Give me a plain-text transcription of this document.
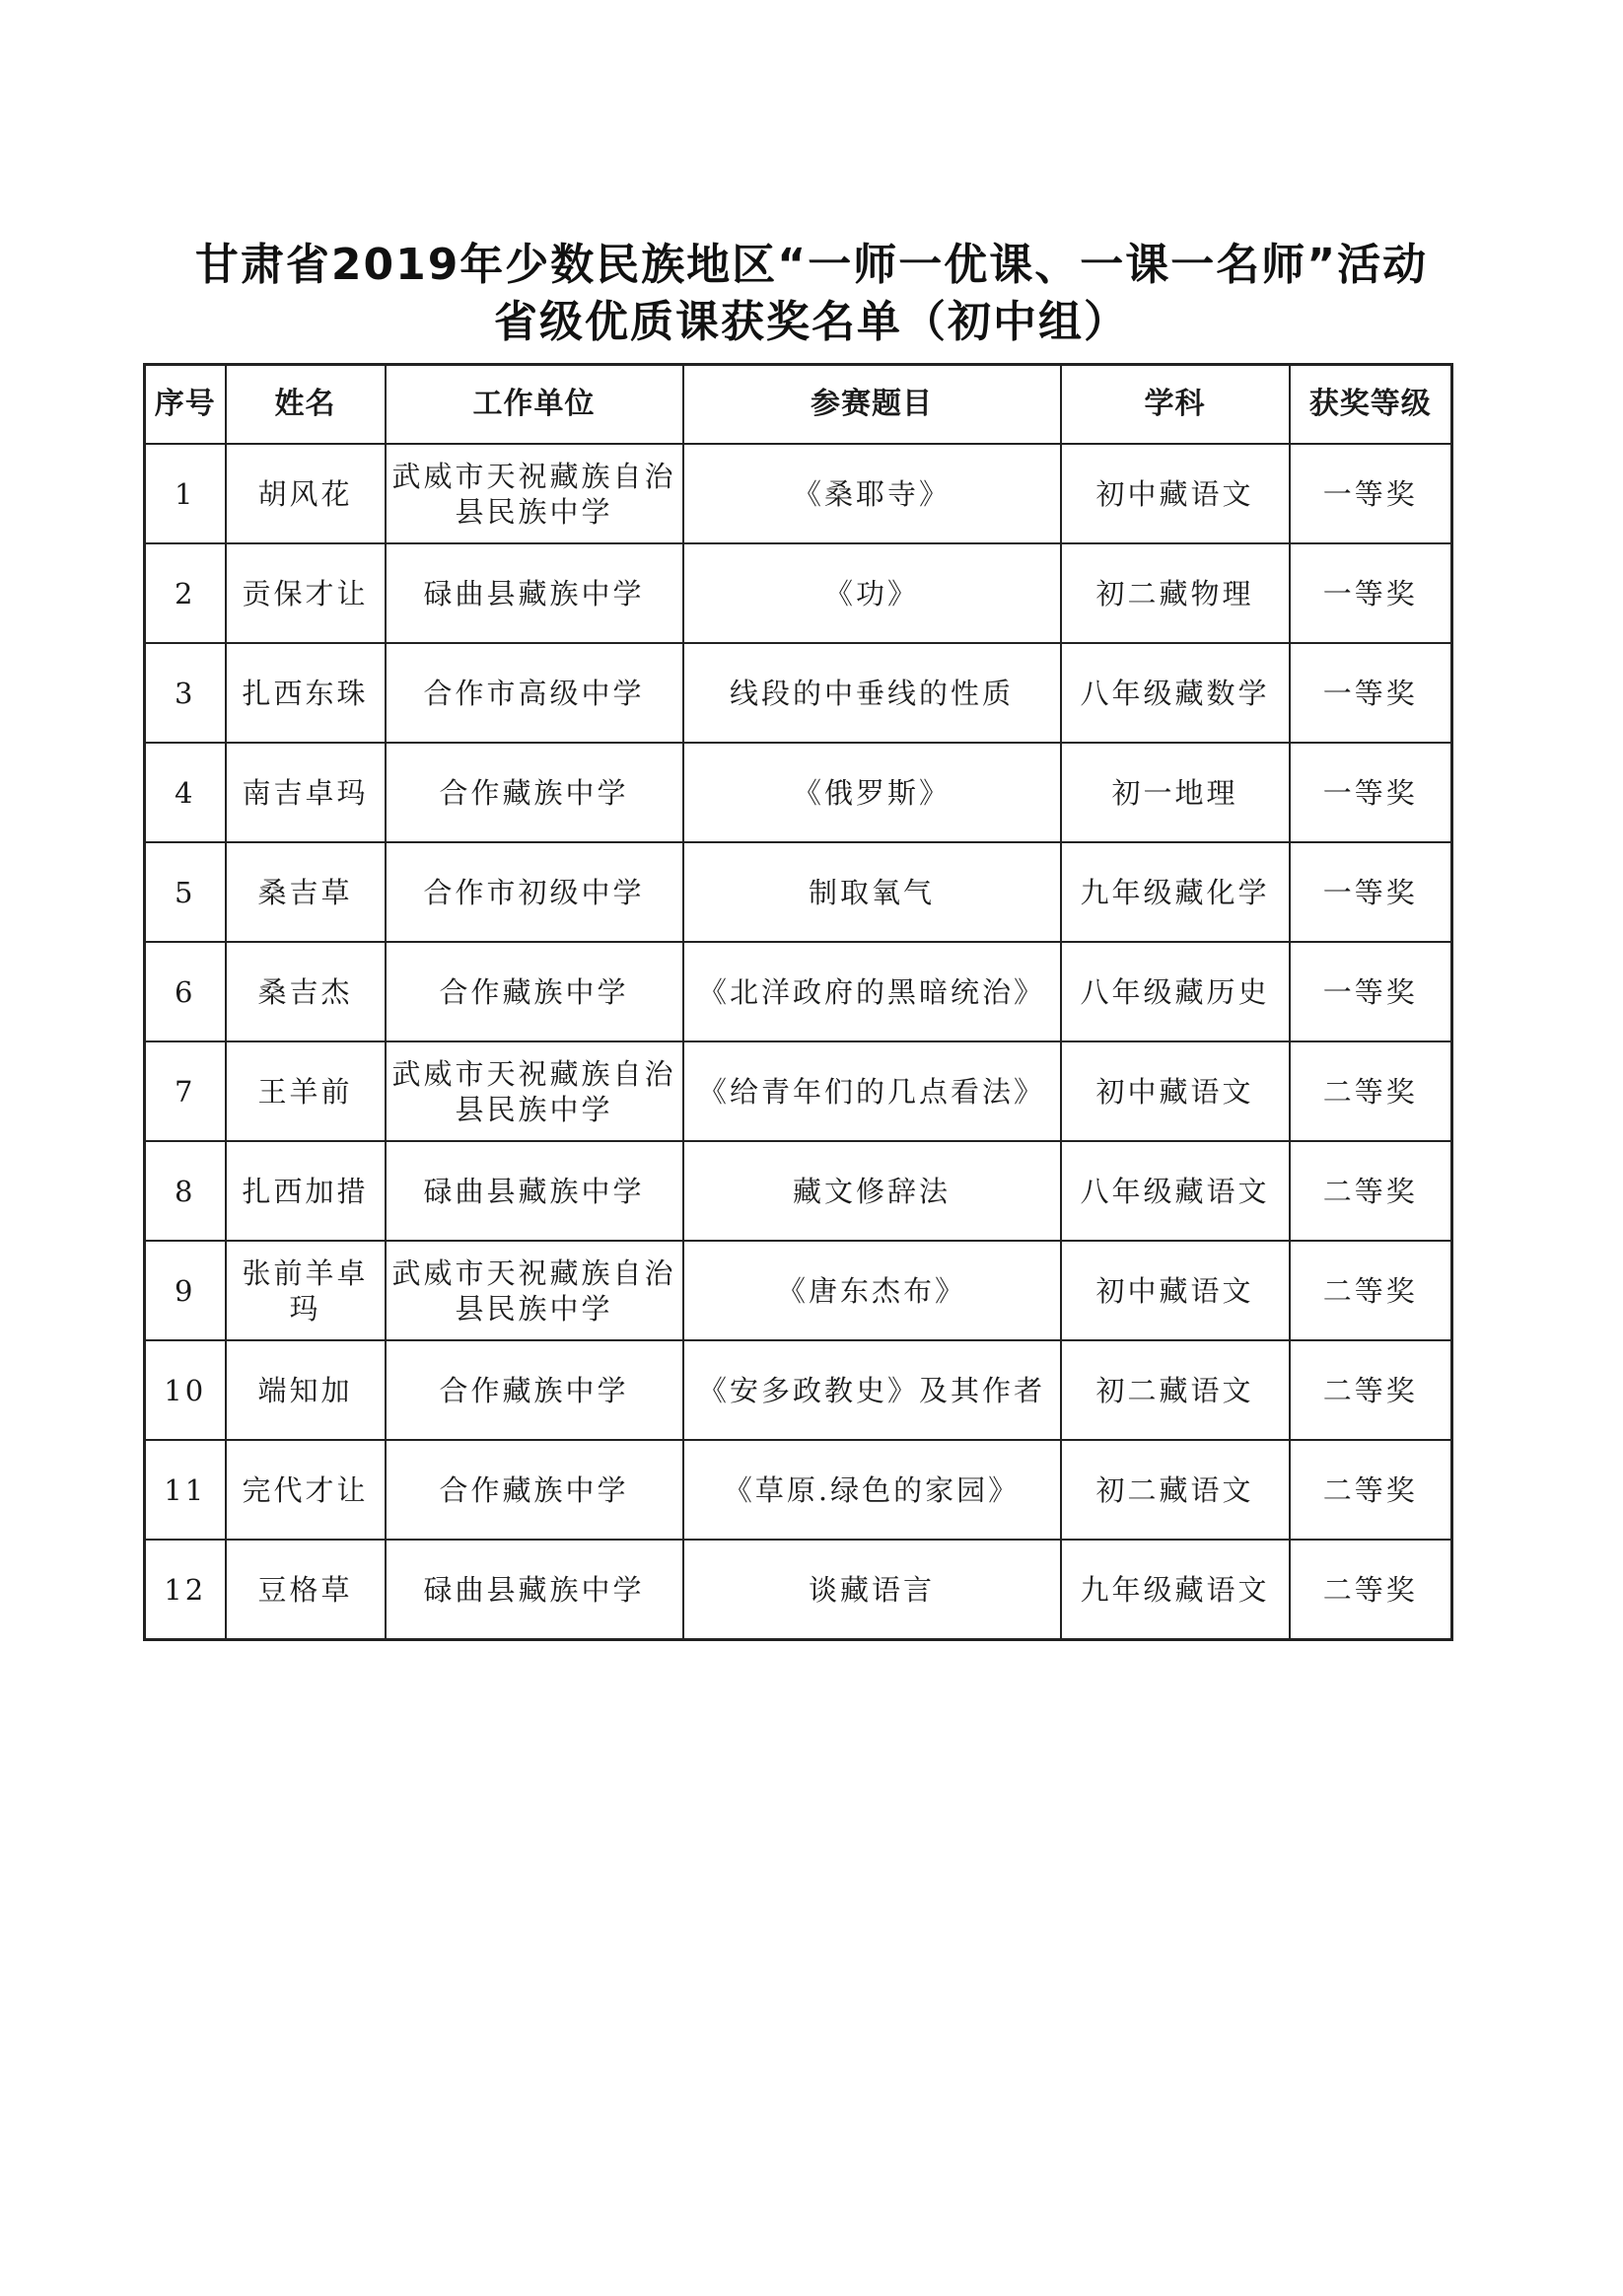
甘肃省2019年少数民族地区“一师一优课、一课一名师”活动
省级优质课获奖名单（初中组）
序号	姓名	工作单位	参赛题目	学科	获奖等级
1	胡风花	武威市天祝藏族自治县民族中学	《桑耶寺》	初中藏语文	一等奖
2	贡保才让	碌曲县藏族中学	《功》	初二藏物理	一等奖
3	扎西东珠	合作市高级中学	线段的中垂线的性质	八年级藏数学	一等奖
4	南吉卓玛	合作藏族中学	《俄罗斯》	初一地理	一等奖
5	桑吉草	合作市初级中学	制取氧气	九年级藏化学	一等奖
6	桑吉杰	合作藏族中学	《北洋政府的黑暗统治》	八年级藏历史	一等奖
7	王羊前	武威市天祝藏族自治县民族中学	《给青年们的几点看法》	初中藏语文	二等奖
8	扎西加措	碌曲县藏族中学	藏文修辞法	八年级藏语文	二等奖
9	张前羊卓玛	武威市天祝藏族自治县民族中学	《唐东杰布》	初中藏语文	二等奖
10	端知加	合作藏族中学	《安多政教史》及其作者	初二藏语文	二等奖
11	完代才让	合作藏族中学	《草原.绿色的家园》	初二藏语文	二等奖
12	豆格草	碌曲县藏族中学	谈藏语言	九年级藏语文	二等奖
